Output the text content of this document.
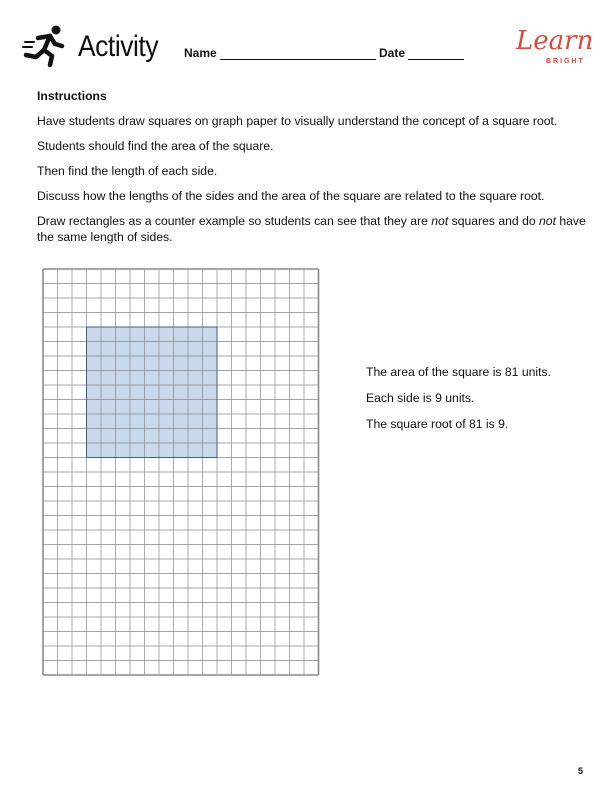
Activity Name	Date	Learn
BRIGHT
Instructions

Have students draw squares on graph paper to visually understand the concept of a square root.

Students should find the area of the square.

Then find the length of each side.

Discuss how the lengths of the sides and the area of the square are related to the square root.

Draw rectangles as a counter example so students can see that they are not squares and do not have the same length of sides.

The area of the square is 81 units.

Each side is 9 units.

The square root of 81 is 9.

5
